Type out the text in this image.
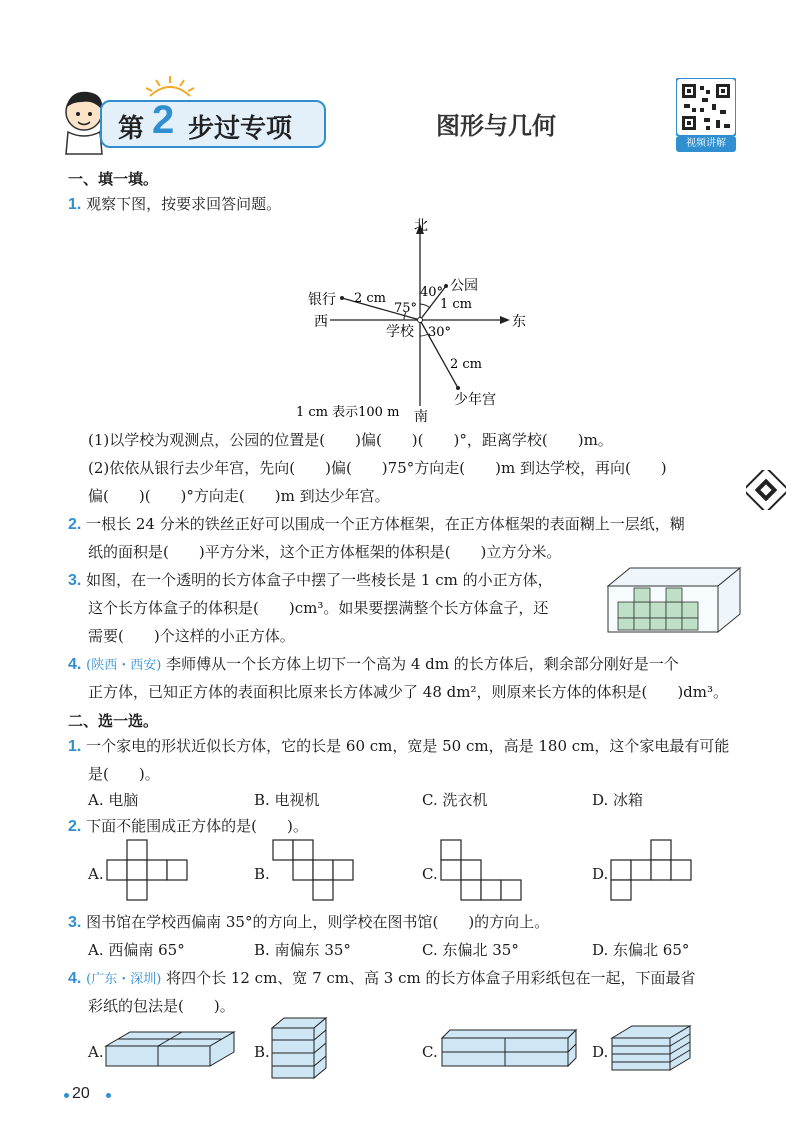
第 2 步过专项	图形与几何
视频讲解
一、填一填。
1. 观察下图，按要求回答问题。
北
南
东
西
学校
公园
银行
少年宫
40°
75°
30°
2 cm	1 cm
2 cm
1 cm 表示100 m
(1)以学校为观测点，公园的位置是(　　)偏(　　)(　　)°，距离学校(　　)m。
(2)依依从银行去少年宫，先向(　　)偏(　　)75°方向走(　　)m 到达学校，再向(　　)
偏(　　)(　　)°方向走(　　)m 到达少年宫。
2. 一根长 24 分米的铁丝正好可以围成一个正方体框架，在正方体框架的表面糊上一层纸，糊
纸的面积是(　　)平方分米，这个正方体框架的体积是(　　)立方分米。
3. 如图，在一个透明的长方体盒子中摆了一些棱长是 1 cm 的小正方体，
这个长方体盒子的体积是(　　)cm³。如果要摆满整个长方体盒子，还
需要(　　)个这样的小正方体。
4. (陕西・西安) 李师傅从一个长方体上切下一个高为 4 dm 的长方体后，剩余部分刚好是一个
正方体，已知正方体的表面积比原来长方体减少了 48 dm²，则原来长方体的体积是(　　)dm³。
二、选一选。
1. 一个家电的形状近似长方体，它的长是 60 cm，宽是 50 cm，高是 180 cm，这个家电最有可能
是(　　)。
A. 电脑	B. 电视机	C. 洗衣机	D. 冰箱
2. 下面不能围成正方体的是(　　)。
A.	B.	C.	D.
3. 图书馆在学校西偏南 35°的方向上，则学校在图书馆(　　)的方向上。
A. 西偏南 65°	B. 南偏东 35°	C. 东偏北 35°	D. 东偏北 65°
4. (广东・深圳) 将四个长 12 cm、宽 7 cm、高 3 cm 的长方体盒子用彩纸包在一起，下面最省
彩纸的包法是(　　)。
A.	B.	C.	D.
20
